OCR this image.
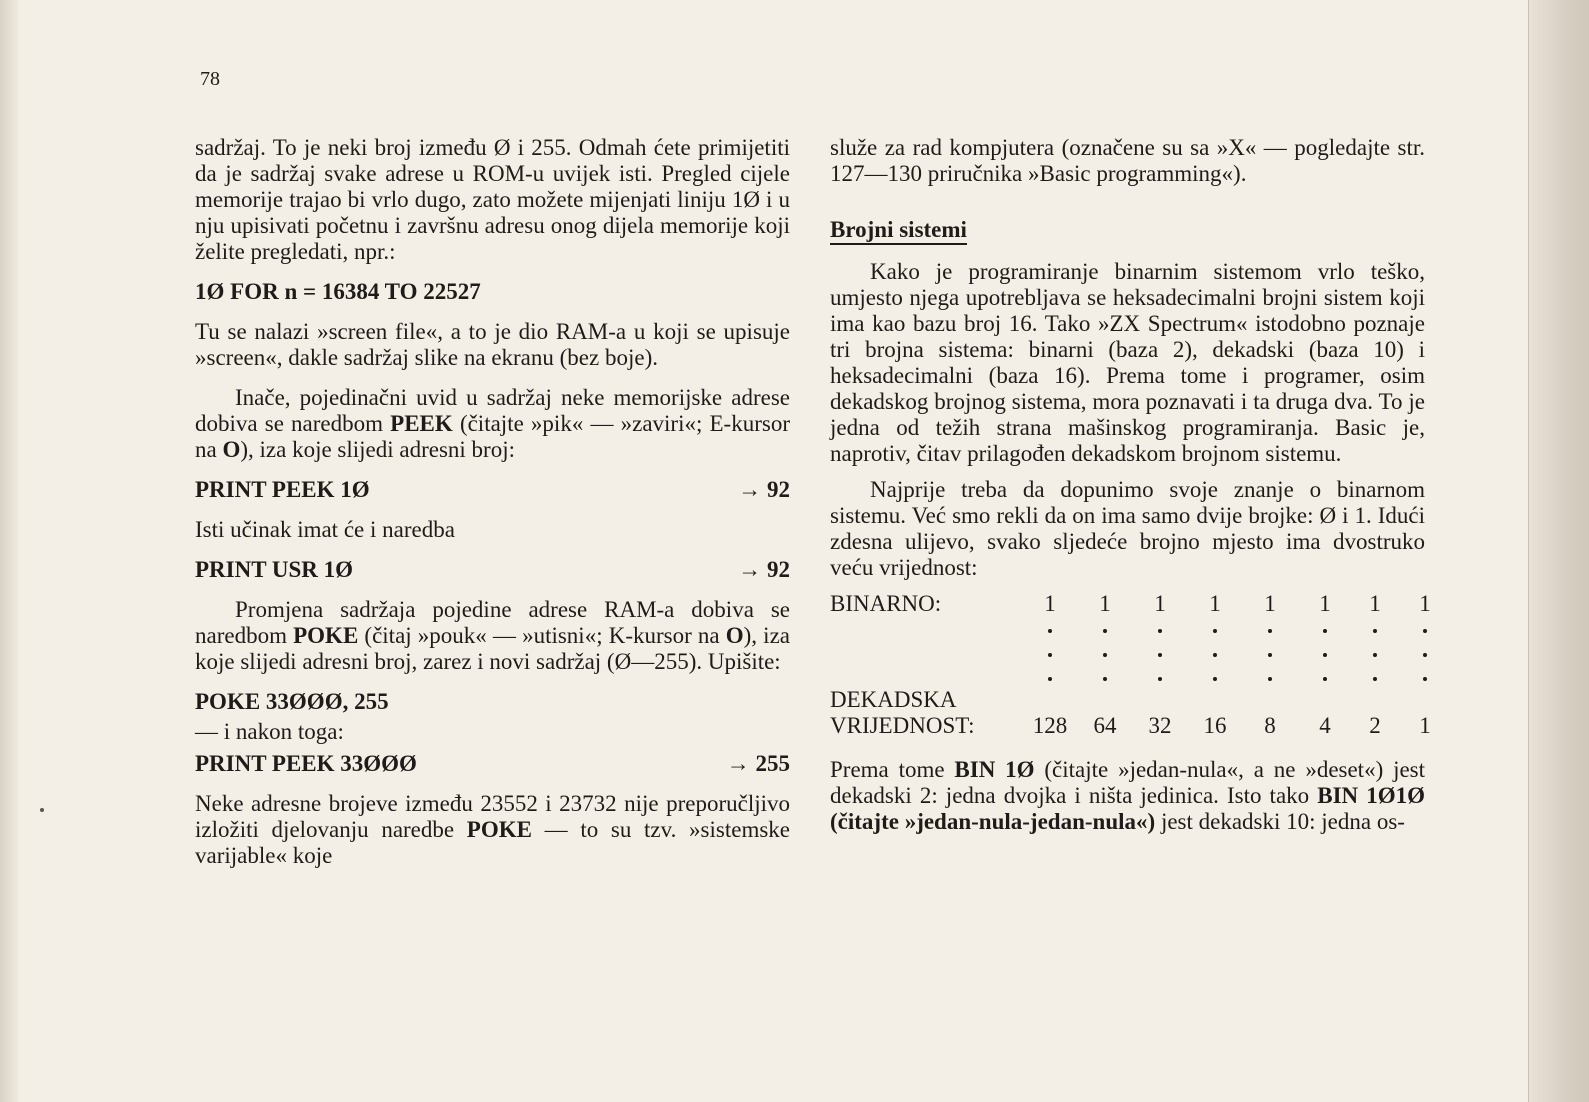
78

sadržaj. To je neki broj između Ø i 255. Odmah ćete primijetiti da je sadržaj svake adrese u ROM-u uvijek isti. Pregled cijele memorije trajao bi vrlo dugo, zato možete mijenjati liniju 1Ø i u nju upisivati početnu i završnu adresu onog dijela memorije koji želite pregledati, npr.:

1Ø FOR n = 16384 TO 22527

Tu se nalazi »screen file«, a to je dio RAM-a u koji se upisuje »screen«, dakle sadržaj slike na ekranu (bez boje).

Inače, pojedinačni uvid u sadržaj neke memorijske adrese dobiva se naredbom PEEK (čitajte »pik« — »zaviri«; E-kursor na O), iza koje slijedi adresni broj:

PRINT PEEK 1Ø	→ 92

Isti učinak imat će i naredba

PRINT USR 1Ø	→ 92

Promjena sadržaja pojedine adrese RAM-a dobiva se naredbom POKE (čitaj »pouk« — »utisni«; K-kursor na O), iza koje slijedi adresni broj, zarez i novi sadržaj (Ø—255). Upišite:

POKE 33ØØØ, 255

— i nakon toga:

PRINT PEEK 33ØØØ	→ 255

Neke adresne brojeve između 23552 i 23732 nije preporučljivo izložiti djelovanju naredbe POKE — to su tzv. »sistemske varijable« koje

služe za rad kompjutera (označene su sa »X« — pogledajte str. 127—130 priručnika »Basic programming«).

Brojni sistemi

Kako je programiranje binarnim sistemom vrlo teško, umjesto njega upotrebljava se heksadecimalni brojni sistem koji ima kao bazu broj 16. Tako »ZX Spectrum« istodobno poznaje tri brojna sistema: binarni (baza 2), dekadski (baza 10) i heksadecimalni (baza 16). Prema tome i programer, osim dekadskog brojnog sistema, mora poznavati i ta druga dva. To je jedna od težih strana mašinskog programiranja. Basic je, naprotiv, čitav prilagođen dekadskom brojnom sistemu.

Najprije treba da dopunimo svoje znanje o binarnom sistemu. Već smo rekli da on ima samo dvije brojke: Ø i 1. Idući zdesna ulijevo, svako sljedeće brojno mjesto ima dvostruko veću vrijednost:

BINARNO:	1	1	1	1	1	1	1	1
DEKADSKA
VRIJEDNOST:	128	64	32	16	8	4	2	1

Prema tome BIN 1Ø (čitajte »jedan-nula«, a ne »deset«) jest dekadski 2: jedna dvojka i ništa jedinica. Isto tako BIN 1Ø1Ø (čitajte »jedan-nula-jedan-nula«) jest dekadski 10: jedna os-
